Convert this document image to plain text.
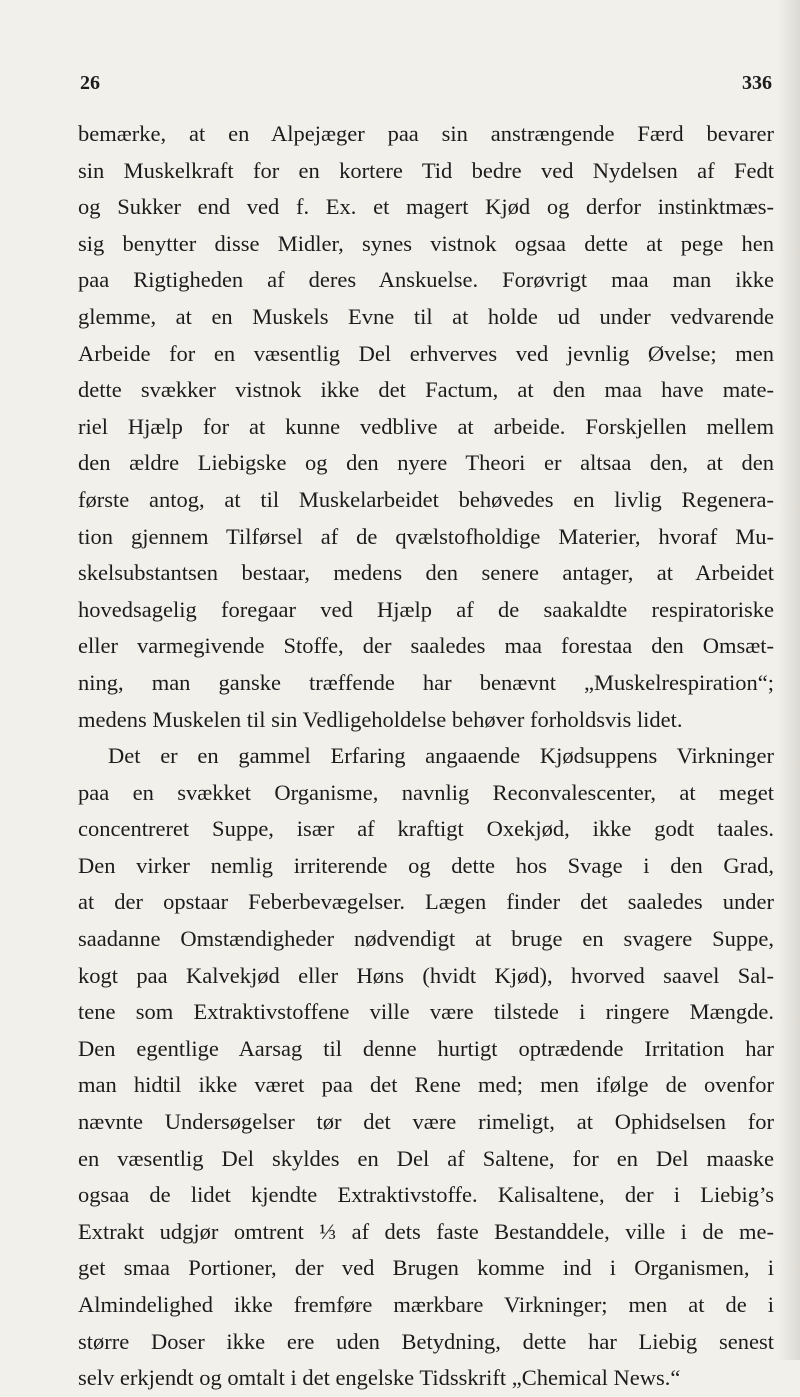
26	336
bemærke, at en Alpejæger paa sin anstrængende Færd bevarer
sin Muskelkraft for en kortere Tid bedre ved Nydelsen af Fedt
og Sukker end ved f. Ex. et magert Kjød og derfor instinktmæs-
sig benytter disse Midler, synes vistnok ogsaa dette at pege hen
paa Rigtigheden af deres Anskuelse. Forøvrigt maa man ikke
glemme, at en Muskels Evne til at holde ud under vedvarende
Arbeide for en væsentlig Del erhverves ved jevnlig Øvelse; men
dette svækker vistnok ikke det Factum, at den maa have mate-
riel Hjælp for at kunne vedblive at arbeide. Forskjellen mellem
den ældre Liebigske og den nyere Theori er altsaa den, at den
første antog, at til Muskelarbeidet behøvedes en livlig Regenera-
tion gjennem Tilførsel af de qvælstofholdige Materier, hvoraf Mu-
skelsubstantsen bestaar, medens den senere antager, at Arbeidet
hovedsagelig foregaar ved Hjælp af de saakaldte respiratoriske
eller varmegivende Stoffe, der saaledes maa forestaa den Omsæt-
ning, man ganske træffende har benævnt „Muskelrespiration“;
medens Muskelen til sin Vedligeholdelse behøver forholdsvis lidet.
Det er en gammel Erfaring angaaende Kjødsuppens Virkninger
paa en svækket Organisme, navnlig Reconvalescenter, at meget
concentreret Suppe, især af kraftigt Oxekjød, ikke godt taales.
Den virker nemlig irriterende og dette hos Svage i den Grad,
at der opstaar Feberbevægelser. Lægen finder det saaledes under
saadanne Omstændigheder nødvendigt at bruge en svagere Suppe,
kogt paa Kalvekjød eller Høns (hvidt Kjød), hvorved saavel Sal-
tene som Extraktivstoffene ville være tilstede i ringere Mængde.
Den egentlige Aarsag til denne hurtigt optrædende Irritation har
man hidtil ikke været paa det Rene med; men ifølge de ovenfor
nævnte Undersøgelser tør det være rimeligt, at Ophidselsen for
en væsentlig Del skyldes en Del af Saltene, for en Del maaske
ogsaa de lidet kjendte Extraktivstoffe. Kalisaltene, der i Liebig’s
Extrakt udgjør omtrent ⅓ af dets faste Bestanddele, ville i de me-
get smaa Portioner, der ved Brugen komme ind i Organismen, i
Almindelighed ikke fremføre mærkbare Virkninger; men at de i
større Doser ikke ere uden Betydning, dette har Liebig senest
selv erkjendt og omtalt i det engelske Tidsskrift „Chemical News.“
